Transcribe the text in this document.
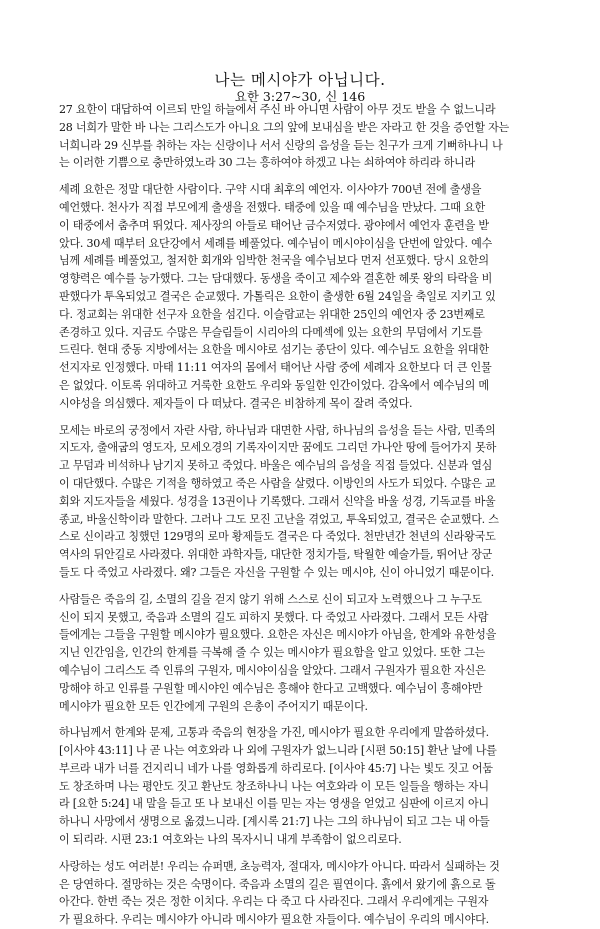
나는 메시야가 아닙니다.
요한 3:27~30, 신 146
27 요한이 대답하여 이르되 만일 하늘에서 주신 바 아니면 사람이 아무 것도 받을 수 없느니라
28 너희가 말한 바 나는 그리스도가 아니요 그의 앞에 보내심을 받은 자라고 한 것을 증언할 자는
너희니라 29 신부를 취하는 자는 신랑이나 서서 신랑의 음성을 듣는 친구가 크게 기뻐하나니 나
는 이러한 기쁨으로 충만하였노라 30 그는 흥하여야 하겠고 나는 쇠하여야 하리라 하니라
세례 요한은 정말 대단한 사람이다. 구약 시대 최후의 예언자. 이사야가 700년 전에 출생을
예언했다. 천사가 직접 부모에게 출생을 전했다. 태중에 있을 때 예수님을 만났다. 그때 요한
이 태중에서 춤추며 뛰었다. 제사장의 아들로 태어난 금수저였다. 광야에서 예언자 훈련을 받
았다. 30세 때부터 요단강에서 세례를 베풀었다. 예수님이 메시야이심을 단번에 알았다. 예수
님께 세례를 베풀었고, 철저한 회개와 임박한 천국을 예수님보다 먼저 선포했다. 당시 요한의
영향력은 예수를 능가했다. 그는 담대했다. 동생을 죽이고 제수와 결혼한 헤롯 왕의 타락을 비
판했다가 투옥되었고 결국은 순교했다. 가톨릭은 요한이 출생한 6월 24일을 축일로 지키고 있
다. 정교회는 위대한 선구자 요한을 섬긴다. 이슬람교는 위대한 25인의 예언자 중 23번째로
존경하고 있다. 지금도 수많은 무슬림들이 시리아의 다메섹에 있는 요한의 무덤에서 기도를
드린다. 현대 중동 지방에서는 요한을 메시야로 섬기는 종단이 있다. 예수님도 요한을 위대한
선지자로 인정했다. 마태 11:11 여자의 몸에서 태어난 사람 중에 세례자 요한보다 더 큰 인물
은 없었다. 이토록 위대하고 거룩한 요한도 우리와 동일한 인간이었다. 감옥에서 예수님의 메
시야성을 의심했다. 제자들이 다 떠났다. 결국은 비참하게 목이 잘려 죽었다.
모세는 바로의 궁정에서 자란 사람, 하나님과 대면한 사람, 하나님의 음성을 듣는 사람, 민족의
지도자, 출애굽의 영도자, 모세오경의 기록자이지만 꿈에도 그리던 가나안 땅에 들어가지 못하
고 무덤과 비석하나 남기지 못하고 죽었다. 바울은 예수님의 음성을 직접 들었다. 신분과 열심
이 대단했다. 수많은 기적을 행하였고 죽은 사람을 살렸다. 이방인의 사도가 되었다. 수많은 교
회와 지도자들을 세웠다. 성경을 13권이나 기록했다. 그래서 신약을 바울 성경, 기독교를 바울
종교, 바울신학이라 말한다. 그러나 그도 모진 고난을 겪었고, 투옥되었고, 결국은 순교했다. 스
스로 신이라고 칭했던 129명의 로마 황제들도 결국은 다 죽었다. 천만년간 천년의 신라왕국도
역사의 뒤안길로 사라졌다. 위대한 과학자들, 대단한 정치가들, 탁월한 예술가들, 뛰어난 장군
들도 다 죽었고 사라졌다. 왜? 그들은 자신을 구원할 수 있는 메시야, 신이 아니었기 때문이다.
사람들은 죽음의 길, 소멸의 길을 걷지 않기 위해 스스로 신이 되고자 노력했으나 그 누구도
신이 되지 못했고, 죽음과 소멸의 길도 피하지 못했다. 다 죽었고 사라졌다. 그래서 모든 사람
들에게는 그들을 구원할 메시야가 필요했다. 요한은 자신은 메시야가 아님을, 한계와 유한성을
지닌 인간임을, 인간의 한계를 극복해 줄 수 있는 메시야가 필요함을 알고 있었다. 또한 그는
예수님이 그리스도 즉 인류의 구원자, 메시야이심을 알았다. 그래서 구원자가 필요한 자신은
망해야 하고 인류를 구원할 메시야인 예수님은 흥해야 한다고 고백했다. 예수님이 흥해야만
메시야가 필요한 모든 인간에게 구원의 은총이 주어지기 때문이다.
하나님께서 한계와 문제, 고통과 죽음의 현장을 가진, 메시야가 필요한 우리에게 말씀하셨다.
[이사야 43:11] 나 곧 나는 여호와라 나 외에 구원자가 없느니라 [시편 50:15] 환난 날에 나를
부르라 내가 너를 건지리니 네가 나를 영화롭게 하리로다. [이사야 45:7] 나는 빛도 짓고 어둠
도 창조하며 나는 평안도 짓고 환난도 창조하나니 나는 여호와라 이 모든 일들을 행하는 자니
라 [요한 5:24] 내 말을 듣고 또 나 보내신 이를 믿는 자는 영생을 얻었고 심판에 이르지 아니
하나니 사망에서 생명으로 옮겼느니라. [계시록 21:7] 나는 그의 하나님이 되고 그는 내 아들
이 되리라. 시편 23:1 여호와는 나의 목자시니 내게 부족함이 없으리로다.
사랑하는 성도 여러분! 우리는 슈퍼맨, 초능력자, 절대자, 메시야가 아니다. 따라서 실패하는 것
은 당연하다. 절망하는 것은 숙명이다. 죽음과 소멸의 길은 필연이다. 흙에서 왔기에 흙으로 돌
아간다. 한번 죽는 것은 정한 이치다. 우리는 다 죽고 다 사라진다. 그래서 우리에게는 구원자
가 필요하다. 우리는 메시야가 아니라 메시야가 필요한 자들이다. 예수님이 우리의 메시야다.
